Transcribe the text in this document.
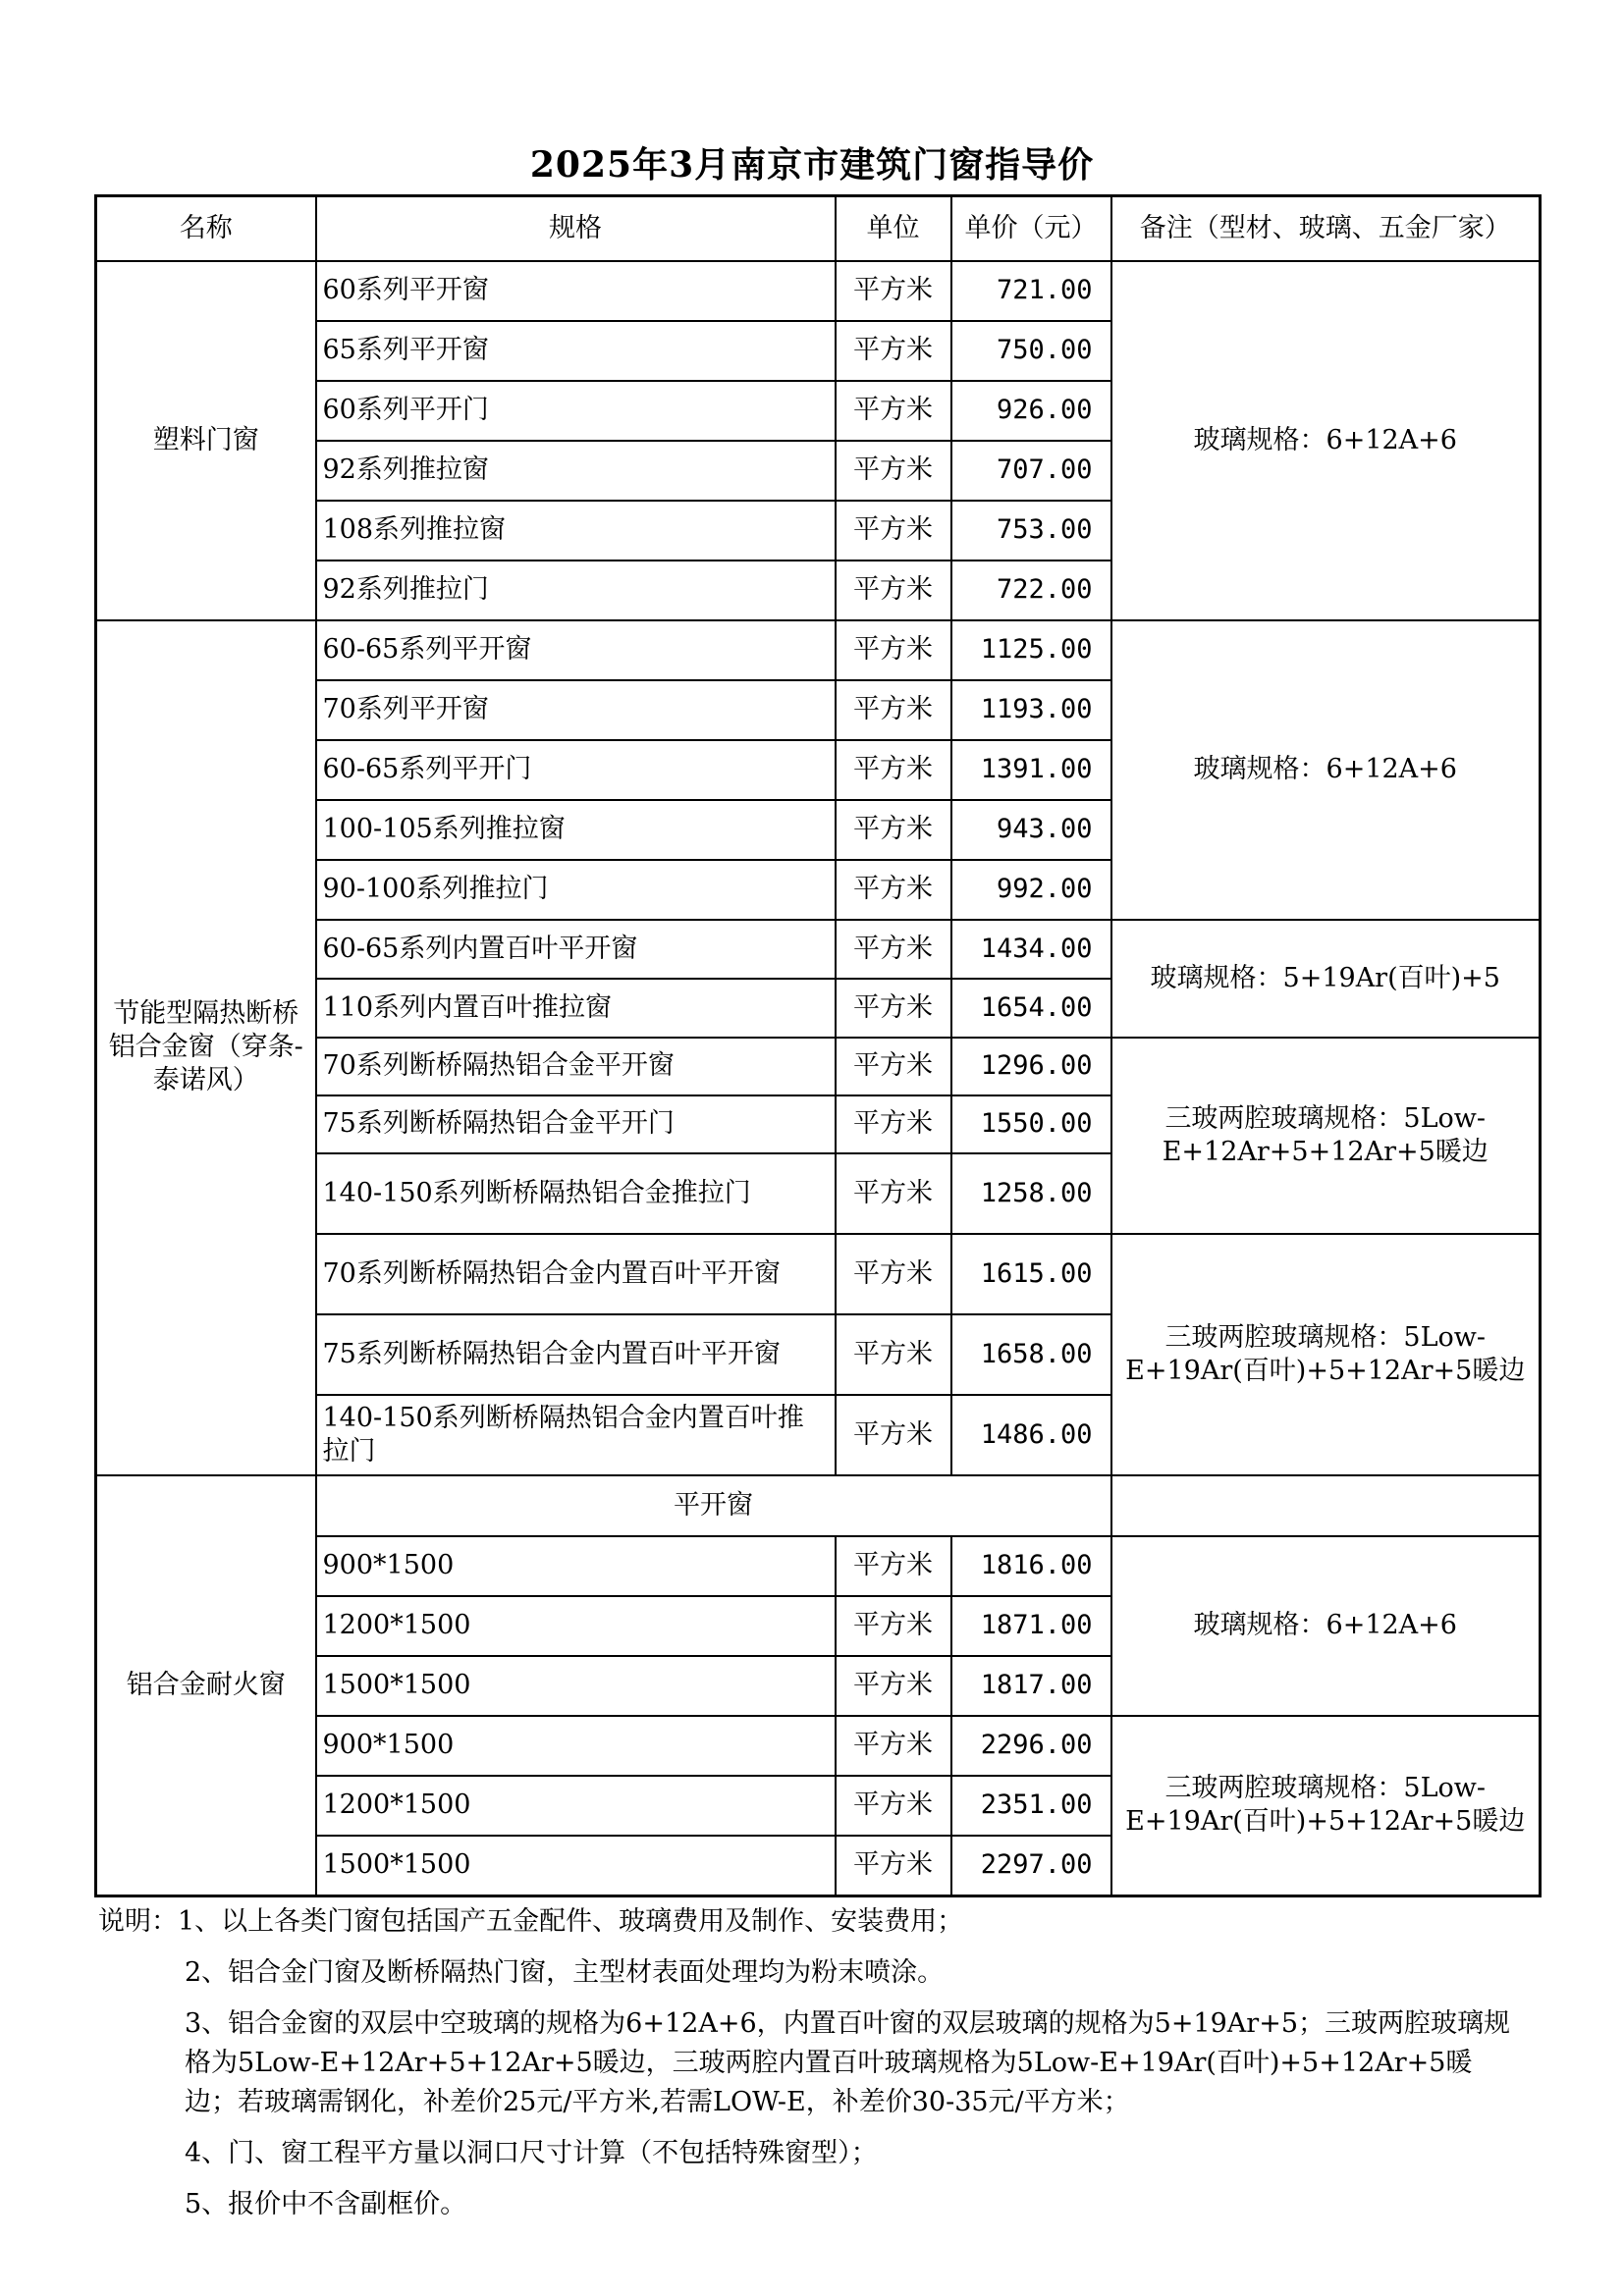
2025年3月南京市建筑门窗指导价
名称	规格	单位	单价（元）	备注（型材、玻璃、五金厂家）
塑料门窗	60系列平开窗	平方米	721.00	玻璃规格：6+12A+6
	65系列平开窗	平方米	750.00	
	60系列平开门	平方米	926.00	
	92系列推拉窗	平方米	707.00	
	108系列推拉窗	平方米	753.00	
	92系列推拉门	平方米	722.00	
节能型隔热断桥铝合金窗（穿条-泰诺风）	60-65系列平开窗	平方米	1125.00	玻璃规格：6+12A+6
	70系列平开窗	平方米	1193.00	
	60-65系列平开门	平方米	1391.00	
	100-105系列推拉窗	平方米	943.00	
	90-100系列推拉门	平方米	992.00	
	60-65系列内置百叶平开窗	平方米	1434.00	玻璃规格：5+19Ar(百叶)+5
	110系列内置百叶推拉窗	平方米	1654.00	
	70系列断桥隔热铝合金平开窗	平方米	1296.00	三玻两腔玻璃规格：5Low-E+12Ar+5+12Ar+5暖边
	75系列断桥隔热铝合金平开门	平方米	1550.00	
	140-150系列断桥隔热铝合金推拉门	平方米	1258.00	
	70系列断桥隔热铝合金内置百叶平开窗	平方米	1615.00	三玻两腔玻璃规格：5Low-E+19Ar(百叶)+5+12Ar+5暖边
	75系列断桥隔热铝合金内置百叶平开窗	平方米	1658.00	
	140-150系列断桥隔热铝合金内置百叶推拉门	平方米	1486.00	
铝合金耐火窗	平开窗			
	900*1500	平方米	1816.00	玻璃规格：6+12A+6
	1200*1500	平方米	1871.00	
	1500*1500	平方米	1817.00	
	900*1500	平方米	2296.00	三玻两腔玻璃规格：5Low-E+19Ar(百叶)+5+12Ar+5暖边
	1200*1500	平方米	2351.00	
	1500*1500	平方米	2297.00	

说明：1、以上各类门窗包括国产五金配件、玻璃费用及制作、安装费用；

2、铝合金门窗及断桥隔热门窗，主型材表面处理均为粉末喷涂。

3、铝合金窗的双层中空玻璃的规格为6+12A+6，内置百叶窗的双层玻璃的规格为5+19Ar+5；三玻两腔玻璃规格为5Low-E+12Ar+5+12Ar+5暖边，三玻两腔内置百叶玻璃规格为5Low-E+19Ar(百叶)+5+12Ar+5暖边；若玻璃需钢化，补差价25元/平方米,若需LOW-E，补差价30-35元/平方米；

4、门、窗工程平方量以洞口尺寸计算（不包括特殊窗型）；

5、报价中不含副框价。
